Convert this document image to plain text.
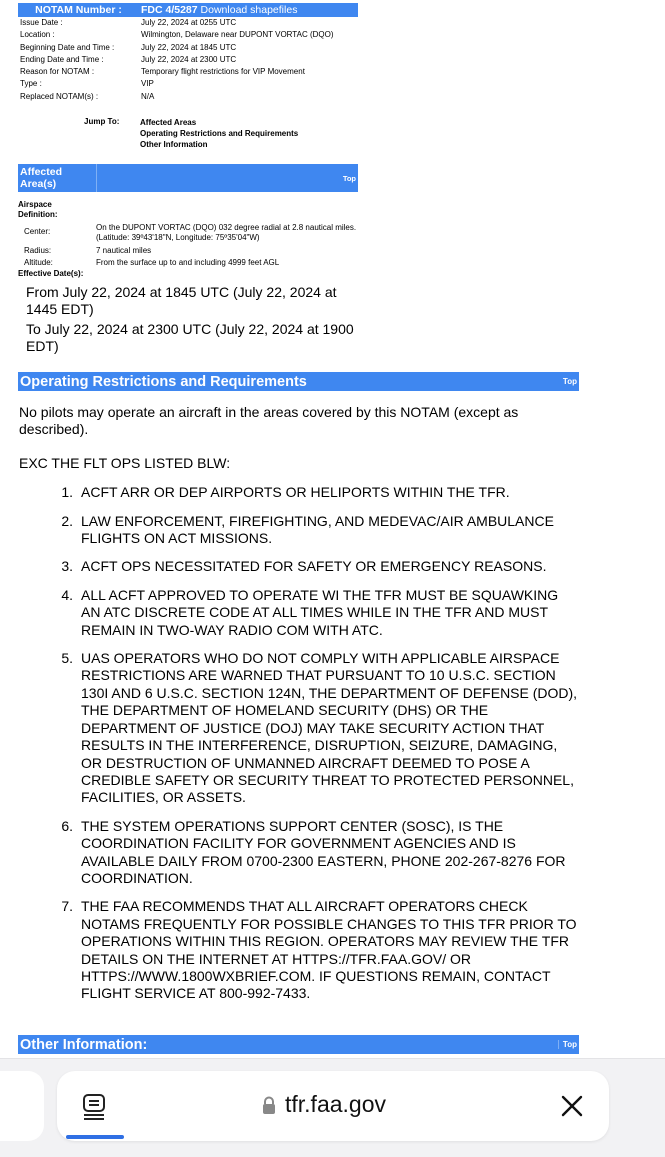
NOTAM Number :	FDC 4/5287 Download shapefiles
Issue Date :	July 22, 2024 at 0255 UTC
Location :	Wilmington, Delaware near DUPONT VORTAC (DQO)
Beginning Date and Time :	July 22, 2024 at 1845 UTC
Ending Date and Time :	July 22, 2024 at 2300 UTC
Reason for NOTAM :	Temporary flight restrictions for VIP Movement
Type :	VIP
Replaced NOTAM(s) :	N/A
Jump To:	Affected Areas
Operating Restrictions and Requirements
Other Information
Affected
Area(s)	Top
Airspace
Definition:
Center:	On the DUPONT VORTAC (DQO) 032 degree radial at 2.8 nautical miles. (Latitude: 39º43'18"N, Longitude: 75º35'04"W)
Radius:	7 nautical miles
Altitude:	From the surface up to and including 4999 feet AGL
Effective Date(s):

From July 22, 2024 at 1845 UTC (July 22, 2024 at 1445 EDT)

To July 22, 2024 at 2300 UTC (July 22, 2024 at 1900 EDT)

Operating Restrictions and Requirements	Top

No pilots may operate an aircraft in the areas covered by this NOTAM (except as described).

EXC THE FLT OPS LISTED BLW:

1. ACFT ARR OR DEP AIRPORTS OR HELIPORTS WITHIN THE TFR.
2. LAW ENFORCEMENT, FIREFIGHTING, AND MEDEVAC/AIR AMBULANCE FLIGHTS ON ACT MISSIONS.
3. ACFT OPS NECESSITATED FOR SAFETY OR EMERGENCY REASONS.
4. ALL ACFT APPROVED TO OPERATE WI THE TFR MUST BE SQUAWKING AN ATC DISCRETE CODE AT ALL TIMES WHILE IN THE TFR AND MUST REMAIN IN TWO-WAY RADIO COM WITH ATC.
5. UAS OPERATORS WHO DO NOT COMPLY WITH APPLICABLE AIRSPACE RESTRICTIONS ARE WARNED THAT PURSUANT TO 10 U.S.C. SECTION 130I AND 6 U.S.C. SECTION 124N, THE DEPARTMENT OF DEFENSE (DOD), THE DEPARTMENT OF HOMELAND SECURITY (DHS) OR THE DEPARTMENT OF JUSTICE (DOJ) MAY TAKE SECURITY ACTION THAT RESULTS IN THE INTERFERENCE, DISRUPTION, SEIZURE, DAMAGING, OR DESTRUCTION OF UNMANNED AIRCRAFT DEEMED TO POSE A CREDIBLE SAFETY OR SECURITY THREAT TO PROTECTED PERSONNEL, FACILITIES, OR ASSETS.
6. THE SYSTEM OPERATIONS SUPPORT CENTER (SOSC), IS THE COORDINATION FACILITY FOR GOVERNMENT AGENCIES AND IS AVAILABLE DAILY FROM 0700-2300 EASTERN, PHONE 202-267-8276 FOR COORDINATION.
7. THE FAA RECOMMENDS THAT ALL AIRCRAFT OPERATORS CHECK NOTAMS FREQUENTLY FOR POSSIBLE CHANGES TO THIS TFR PRIOR TO OPERATIONS WITHIN THIS REGION. OPERATORS MAY REVIEW THE TFR DETAILS ON THE INTERNET AT HTTPS://TFR.FAA.GOV/ OR HTTPS://WWW.1800WXBRIEF.COM. IF QUESTIONS REMAIN, CONTACT FLIGHT SERVICE AT 800-992-7433.
Other Information:	Top
tfr.faa.gov
